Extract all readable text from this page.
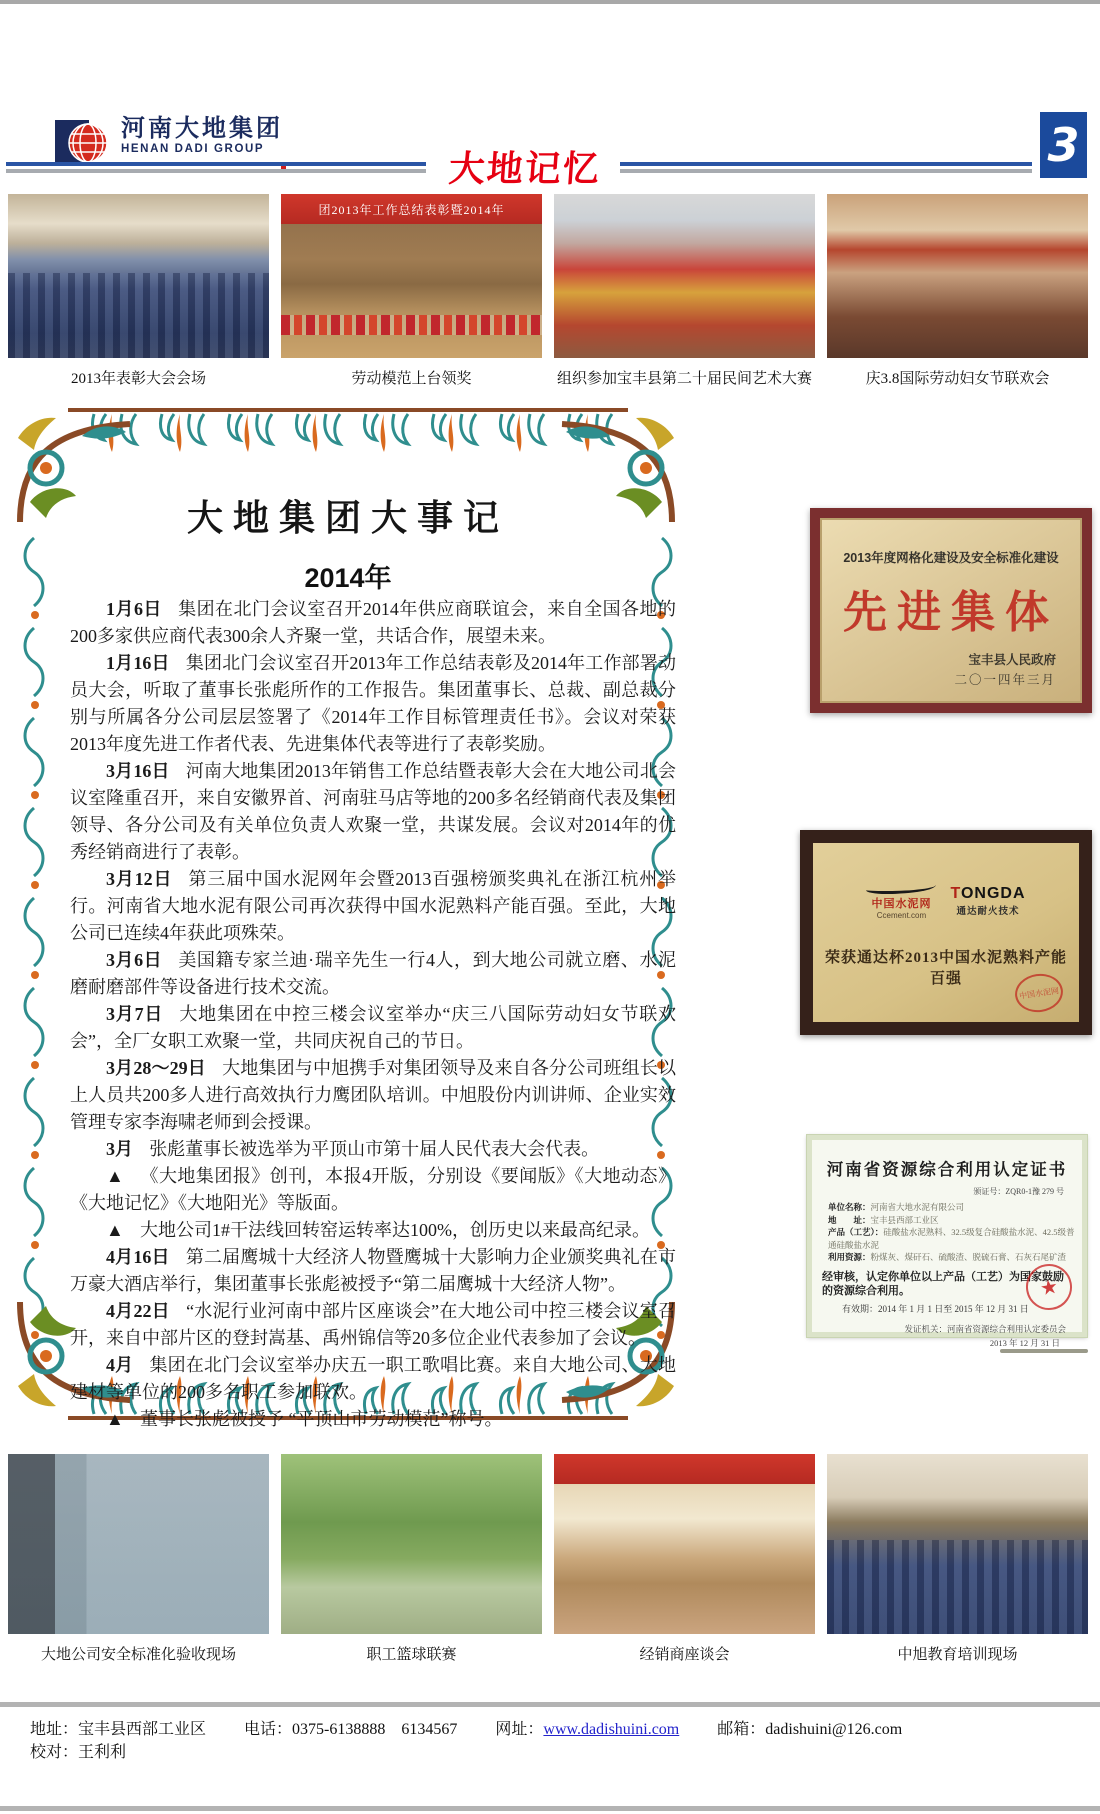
河南大地集团
HENAN DADI GROUP	3
大地记忆
2013年表彰大会会场
团2013年工作总结表彰暨2014年
劳动模范上台领奖	组织参加宝丰县第二十届民间艺术大赛	庆3.8国际劳动妇女节联欢会
大地集团大事记
2014年

1月6日 集团在北门会议室召开2014年供应商联谊会，来自全国各地的200多家供应商代表300余人齐聚一堂，共话合作，展望未来。

1月16日 集团北门会议室召开2013年工作总结表彰及2014年工作部署动员大会，听取了董事长张彪所作的工作报告。集团董事长、总裁、副总裁分别与所属各分公司层层签署了《2014年工作目标管理责任书》。会议对荣获2013年度先进工作者代表、先进集体代表等进行了表彰奖励。

3月16日 河南大地集团2013年销售工作总结暨表彰大会在大地公司北会议室隆重召开，来自安徽界首、河南驻马店等地的200多名经销商代表及集团领导、各分公司及有关单位负责人欢聚一堂，共谋发展。会议对2014年的优秀经销商进行了表彰。

3月12日 第三届中国水泥网年会暨2013百强榜颁奖典礼在浙江杭州举行。河南省大地水泥有限公司再次获得中国水泥熟料产能百强。至此，大地公司已连续4年获此项殊荣。

3月6日 美国籍专家兰迪·瑞辛先生一行4人，到大地公司就立磨、水泥磨耐磨部件等设备进行技术交流。

3月7日 大地集团在中控三楼会议室举办“庆三八国际劳动妇女节联欢会”，全厂女职工欢聚一堂，共同庆祝自己的节日。

3月28～29日 大地集团与中旭携手对集团领导及来自各分公司班组长以上人员共200多人进行高效执行力鹰团队培训。中旭股份内训讲师、企业实效管理专家李海啸老师到会授课。

3月 张彪董事长被选举为平顶山市第十届人民代表大会代表。

▲ 《大地集团报》创刊，本报4开版，分别设《要闻版》《大地动态》《大地记忆》《大地阳光》等版面。

▲ 大地公司1#干法线回转窑运转率达100%，创历史以来最高纪录。

4月16日 第二届鹰城十大经济人物暨鹰城十大影响力企业颁奖典礼在市万豪大酒店举行，集团董事长张彪被授予“第二届鹰城十大经济人物”。

4月22日 “水泥行业河南中部片区座谈会”在大地公司中控三楼会议室召开，来自中部片区的登封嵩基、禹州锦信等20多位企业代表参加了会议。

4月 集团在北门会议室举办庆五一职工歌唱比赛。来自大地公司、大地建材等单位的200多名职工参加联欢。

▲ 董事长张彪被授予 “平顶山市劳动模范”称号。

2013年度网格化建设及安全标准化建设
先进集体
宝丰县人民政府
二〇一四年三月
中国水泥网
Ccement.com
TONGDA
通达耐火技术
荣获通达杯2013中国水泥熟料产能百强
中国水泥网
河南省资源综合利用认定证书
颁证号：ZQR0-1豫 279 号
单位名称：河南省大地水泥有限公司
地　　址：宝丰县西部工业区
产品（工艺）：硅酸盐水泥熟料、32.5级复合硅酸盐水泥、42.5级普通硅酸盐水泥
利用资源：粉煤灰、煤矸石、硫酸渣、脱硫石膏、石灰石尾矿渣
经审核，认定你单位以上产品（工艺）为国家鼓励的资源综合利用。
有效期：2014 年 1 月 1 日至 2015 年 12 月 31 日
发证机关：河南省资源综合利用认定委员会
2013 年 12 月 31 日
★
大地公司安全标准化验收现场	职工篮球联赛	经销商座谈会	中旭教育培训现场
地址：宝丰县西部工业区 电话：0375-6138888　6134567 网址：www.dadishuini.com 邮箱：dadishuini@126.com 校对：王利利
